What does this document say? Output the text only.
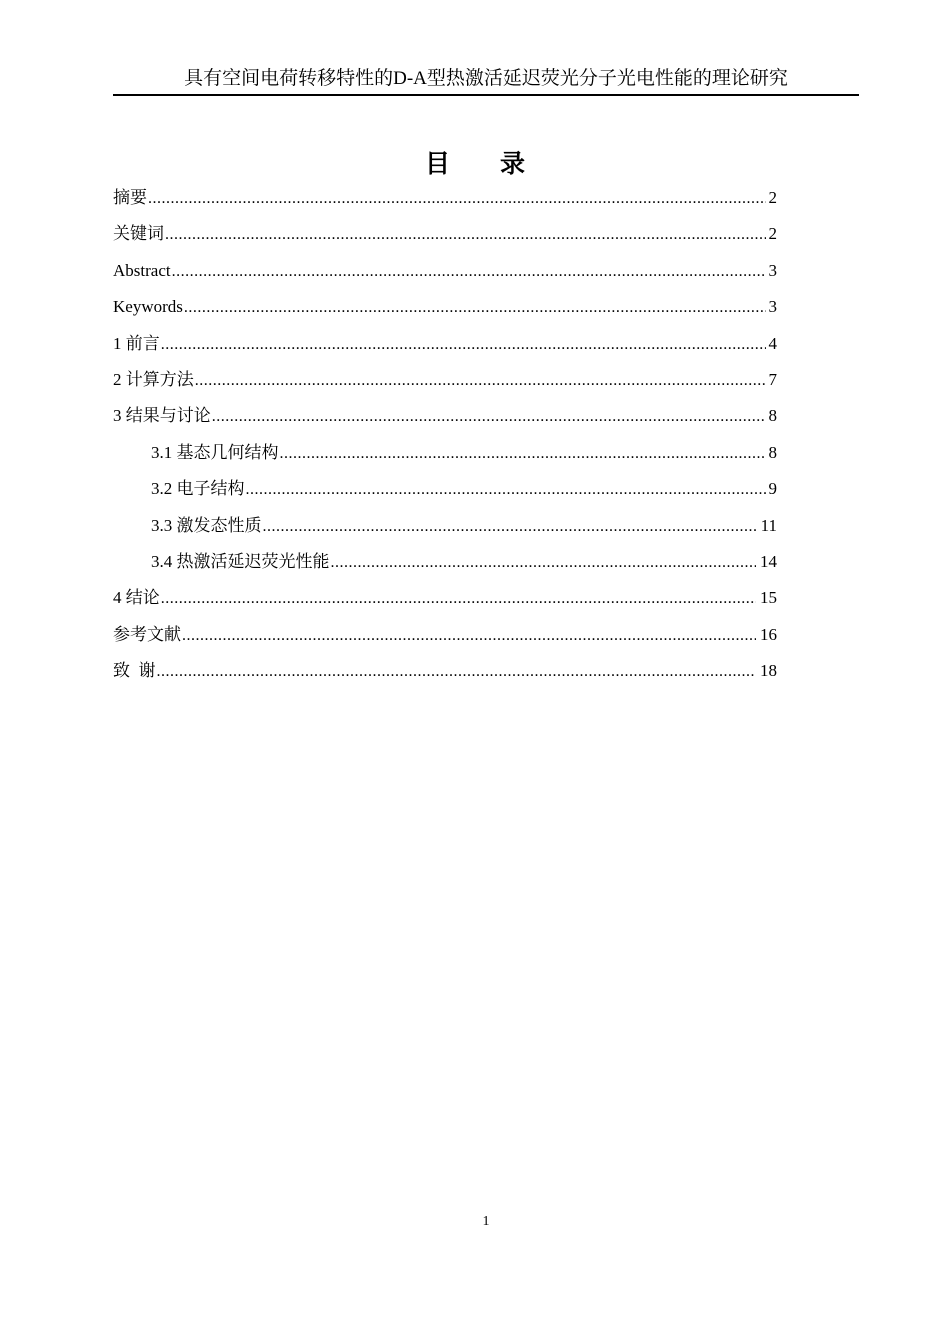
具有空间电荷转移特性的D-A型热激活延迟荧光分子光电性能的理论研究
目 录
摘要 .....	2
关键词 .....	2
Abstract .....	3
Keywords .....	3
1 前言 .....	4
2 计算方法 .....	7
3 结果与讨论 .....	8
3.1 基态几何结构 .....	8
3.2 电子结构 .....	9
3.3 激发态性质 .....	11
3.4 热激活延迟荧光性能 .....	14
4 结论 .....	15
参考文献 .....	16
致  谢 .....	18
1
